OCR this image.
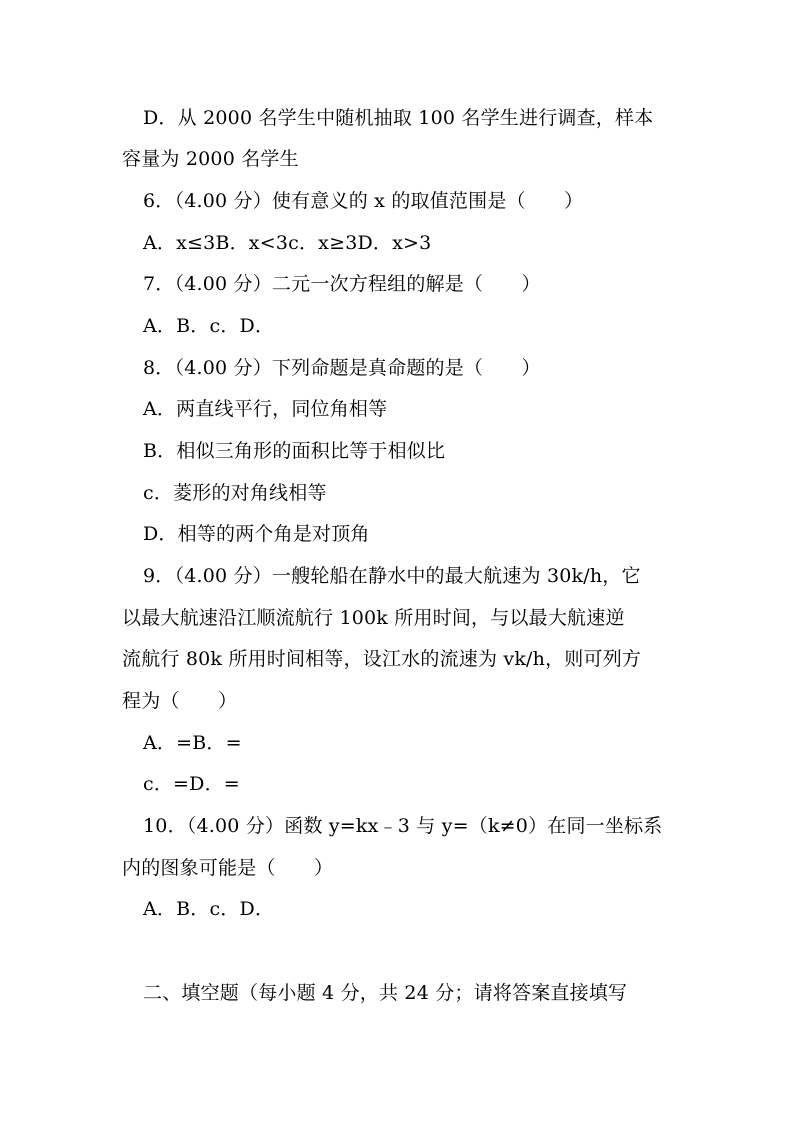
D．从 2000 名学生中随机抽取 100 名学生进行调查，样本
容量为 2000 名学生
6．（4.00 分）使有意义的 x 的取值范围是（　　）
A．x≤3B．x<3c．x≥3D．x>3
7．（4.00 分）二元一次方程组的解是（　　）
A．B．c．D．
8．（4.00 分）下列命题是真命题的是（　　）
A．两直线平行，同位角相等
B．相似三角形的面积比等于相似比
c．菱形的对角线相等
D．相等的两个角是对顶角
9．（4.00 分）一艘轮船在静水中的最大航速为 30k/h，它
以最大航速沿江顺流航行 100k 所用时间，与以最大航速逆
流航行 80k 所用时间相等，设江水的流速为 vk/h，则可列方
程为（　　）
A．=B．=
c．=D．=
10．（4.00 分）函数 y=kx﹣3 与 y=（k≠0）在同一坐标系
内的图象可能是（　　）
A．B．c．D．
二、填空题（每小题 4 分，共 24 分；请将答案直接填写
